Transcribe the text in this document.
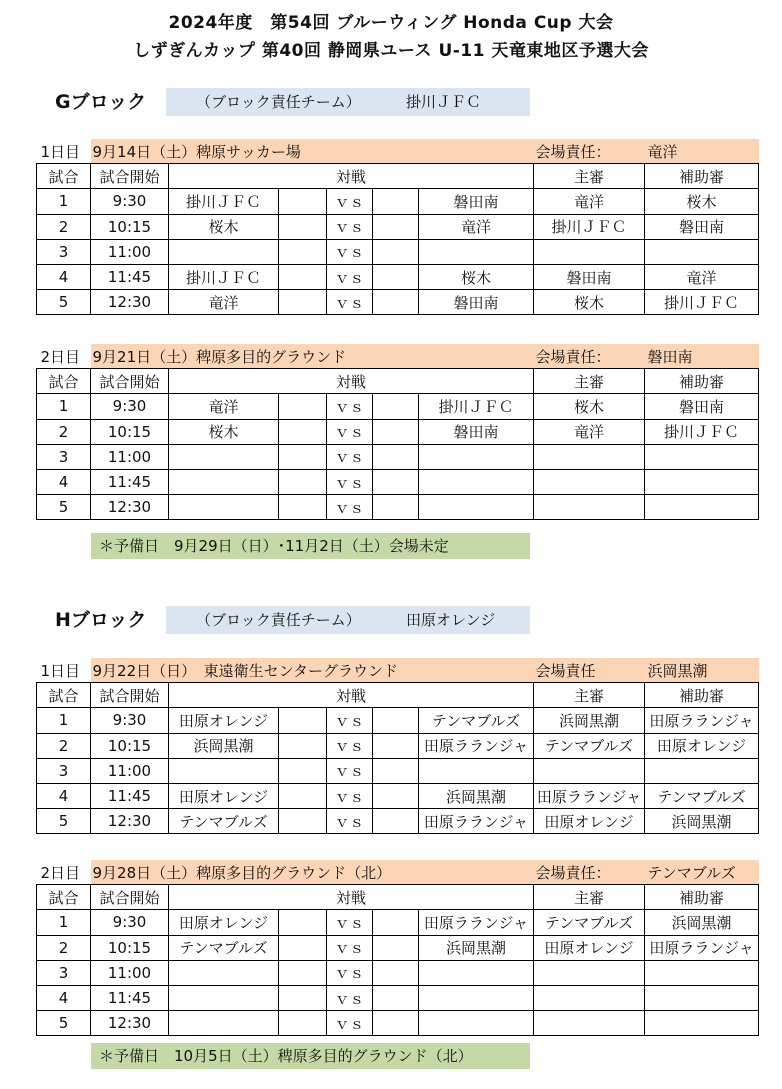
2024年度　第54回 ブルーウィング Honda Cup 大会
しずぎんカップ 第40回 静岡県ユース U-11 天竜東地区予選大会
Gブロック	（ブロック責任チーム）	掛川ＪＦＣ
1日目	9月14日（土）稗原サッカー場 会場責任： 竜洋							
試合	試合開始	対戦					主審	補助審
1	9:30	掛川ＪＦＣ		ｖｓ		磐田南	竜洋	桜木
2	10:15	桜木		ｖｓ		竜洋	掛川ＪＦＣ	磐田南
3	11:00			ｖｓ				
4	11:45	掛川ＪＦＣ		ｖｓ		桜木	磐田南	竜洋
5	12:30	竜洋		ｖｓ		磐田南	桜木	掛川ＪＦＣ
2日目	9月21日（土）稗原多目的グラウンド 会場責任： 磐田南							
試合	試合開始	対戦					主審	補助審
1	9:30	竜洋		ｖｓ		掛川ＪＦＣ	桜木	磐田南
2	10:15	桜木		ｖｓ		磐田南	竜洋	掛川ＪＦＣ
3	11:00			ｖｓ				
4	11:45			ｖｓ				
5	12:30			ｖｓ				
＊予備日　9月29日（日）･11月2日（土）会場未定
Hブロック	（ブロック責任チーム）	田原オレンジ
1日目	9月22日（日）　東遠衛生センターグラウンド 会場責任 浜岡黒潮							
試合	試合開始	対戦					主審	補助審
1	9:30	田原オレンジ		ｖｓ		テンマブルズ	浜岡黒潮	田原ラランジャ
2	10:15	浜岡黒潮		ｖｓ		田原ラランジャ	テンマブルズ	田原オレンジ
3	11:00			ｖｓ				
4	11:45	田原オレンジ		ｖｓ		浜岡黒潮	田原ラランジャ	テンマブルズ
5	12:30	テンマブルズ		ｖｓ		田原ラランジャ	田原オレンジ	浜岡黒潮
2日目	9月28日（土）稗原多目的グラウンド（北） 会場責任： テンマブルズ							
試合	試合開始	対戦					主審	補助審
1	9:30	田原オレンジ		ｖｓ		田原ラランジャ	テンマブルズ	浜岡黒潮
2	10:15	テンマブルズ		ｖｓ		浜岡黒潮	田原オレンジ	田原ラランジャ
3	11:00			ｖｓ				
4	11:45			ｖｓ				
5	12:30			ｖｓ				
＊予備日　10月5日（土）稗原多目的グラウンド（北）
